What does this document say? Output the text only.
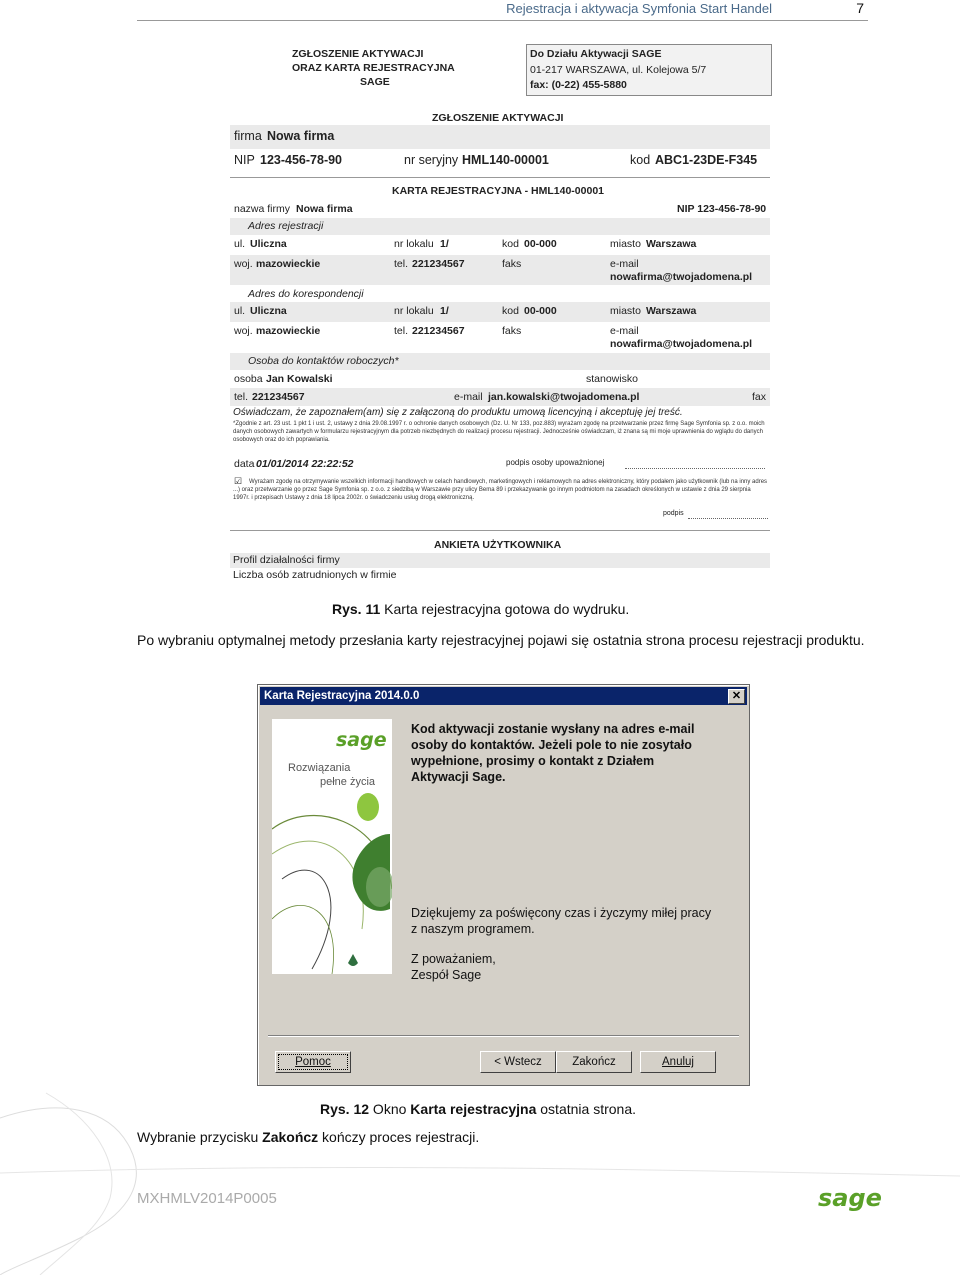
Rejestracja i aktywacja Symfonia Start Handel	7
ZGŁOSZENIE AKTYWACJI
ORAZ KARTA REJESTRACYJNA
SAGE
Do Działu Aktywacji SAGE
01-217 WARSZAWA, ul. Kolejowa 5/7
fax: (0-22) 455-5880
ZGŁOSZENIE AKTYWACJI
firma Nowa firma
NIP 123-456-78-90	nr seryjny HML140-00001	kod ABC1-23DE-F345
KARTA REJESTRACYJNA - HML140-00001
nazwa firmy Nowa firma	NIP 123-456-78-90
Adres rejestracji
ul. Uliczna	nr lokalu 1/	kod 00-000	miasto Warszawa
woj. mazowieckie	tel. 221234567	faks	e-mail
nowafirma@twojadomena.pl
Adres do korespondencji
ul. Uliczna	nr lokalu 1/	kod 00-000	miasto Warszawa
woj. mazowieckie	tel. 221234567	faks	e-mail
nowafirma@twojadomena.pl
Osoba do kontaktów roboczych*
osoba Jan Kowalski	stanowisko
tel. 221234567	e-mail jan.kowalski@twojadomena.pl	fax
Oświadczam, że zapoznałem(am) się z załączoną do produktu umową licencyjną i akceptuję jej treść.
*Zgodnie z art. 23 ust. 1 pkt 1 i ust. 2, ustawy z dnia 29.08.1997 r. o ochronie danych osobowych (Dz. U. Nr 133, poz.883) wyrażam zgodę na przetwarzanie przez firmę Sage Symfonia sp. z o.o. moich danych osobowych zawartych w formularzu rejestracyjnym dla potrzeb niezbędnych do realizacji procesu rejestracji. Jednocześnie oświadczam, iż znana są mi moje uprawnienia do wglądu do danych osobowych oraz do ich poprawiania.
data 01/01/2014 22:22:52	podpis osoby upoważnionej
☑	Wyrażam zgodę na otrzymywanie wszelkich informacji handlowych w celach handlowych, marketingowych i reklamowych na adres elektroniczny, który podałem jako użytkownik (lub na inny adres ...) oraz przetwarzanie go przez Sage Symfonia sp. z o.o. z siedzibą w Warszawie przy ulicy Bema 89 i przekazywanie go innym podmiotom na zasadach określonych w ustawie z dnia 29 sierpnia 1997r. i przepisach Ustawy z dnia 18 lipca 2002r. o świadczeniu usług drogą elektroniczną.
podpis
ANKIETA UŻYTKOWNIKA
Profil działalności firmy
Liczba osób zatrudnionych w firmie
Rys. 11 Karta rejestracyjna gotowa do wydruku.
Po wybraniu optymalnej metody przesłania karty rejestracyjnej pojawi się ostatnia strona procesu rejestracji produktu.
Karta Rejestracyjna 2014.0.0	✕
sage
Rozwiązania
pełne życia
Kod aktywacji zostanie wysłany na adres e-mail
osoby do kontaktów. Jeżeli pole to nie zosytało
wypełnione, prosimy o kontakt z Działem
Aktywacji Sage.
Dziękujemy za poświęcony czas i życzymy miłej pracy
z naszym programem.
Z poważaniem,
Zespół Sage
Pomoc	< Wstecz	Zakończ	Anuluj
Rys. 12 Okno Karta rejestracyjna ostatnia strona.
Wybranie przycisku Zakończ kończy proces rejestracji.
MXHMLV2014P0005	sage
